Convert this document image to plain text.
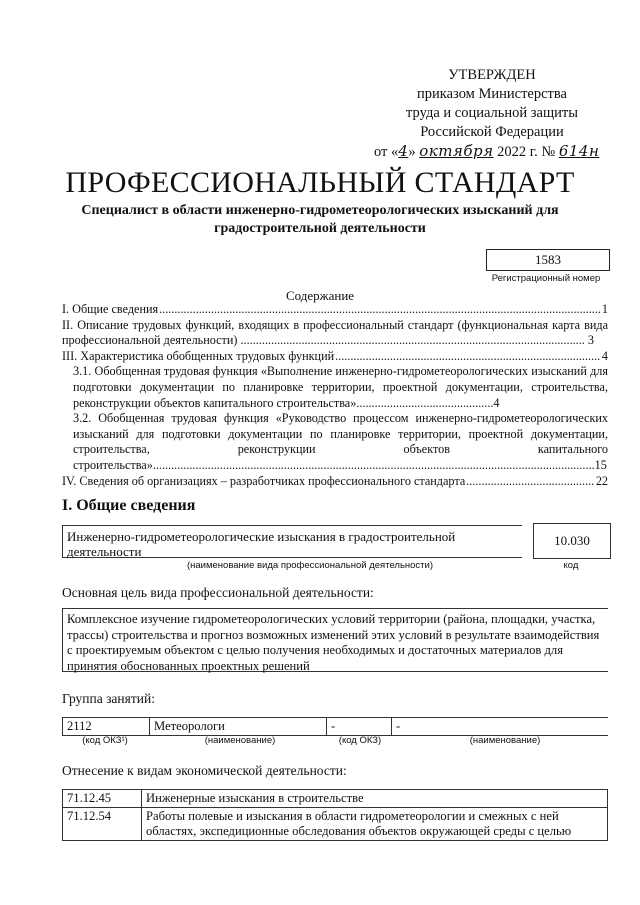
УТВЕРЖДЕН
приказом Министерства
труда и социальной защиты
Российской Федерации
от «4» октября 2022 г. № 614н
ПРОФЕССИОНАЛЬНЫЙ СТАНДАРТ
Специалист в области инженерно-гидрометеорологических изысканий для градостроительной деятельности
1583
Регистрационный номер
Содержание
I. Общие сведения .....	1
II. Описание трудовых функций, входящих в профессиональный стандарт (функциональная карта вида профессиональной деятельности) ................................................................................................................. 3
III. Характеристика обобщенных трудовых функций .....	4
3.1. Обобщенная трудовая функция «Выполнение инженерно-гидрометеорологических изысканий для подготовки документации по планировке территории, проектной документации, строительства, реконструкции объектов капитального строительства».............................................4
3.2. Обобщенная трудовая функция «Руководство процессом инженерно-гидрометеорологических изысканий для подготовки документации по планировке территории, проектной документации, строительства, реконструкции объектов капитального строительства».................................................................................................................................................15
IV. Сведения об организациях – разработчиках профессионального стандарта .....	22
I. Общие сведения
Инженерно-гидрометеорологические изыскания в градостроительной деятельности
10.030
(наименование вида профессиональной деятельности)	код
Основная цель вида профессиональной деятельности:
Комплексное изучение гидрометеорологических условий территории (района, площадки, участка, трассы) строительства и прогноз возможных изменений этих условий в результате взаимодействия с проектируемым объектом с целью получения необходимых и достаточных материалов для принятия обоснованных проектных решений
Группа занятий:
2112	Метеорологи	-	-
(код ОКЗ¹)	(наименование)	(код ОКЗ)	(наименование)
Отнесение к видам экономической деятельности:
71.12.45	Инженерные изыскания в строительстве
71.12.54	Работы полевые и изыскания в области гидрометеорологии и смежных с ней областях, экспедиционные обследования объектов окружающей среды с целью
